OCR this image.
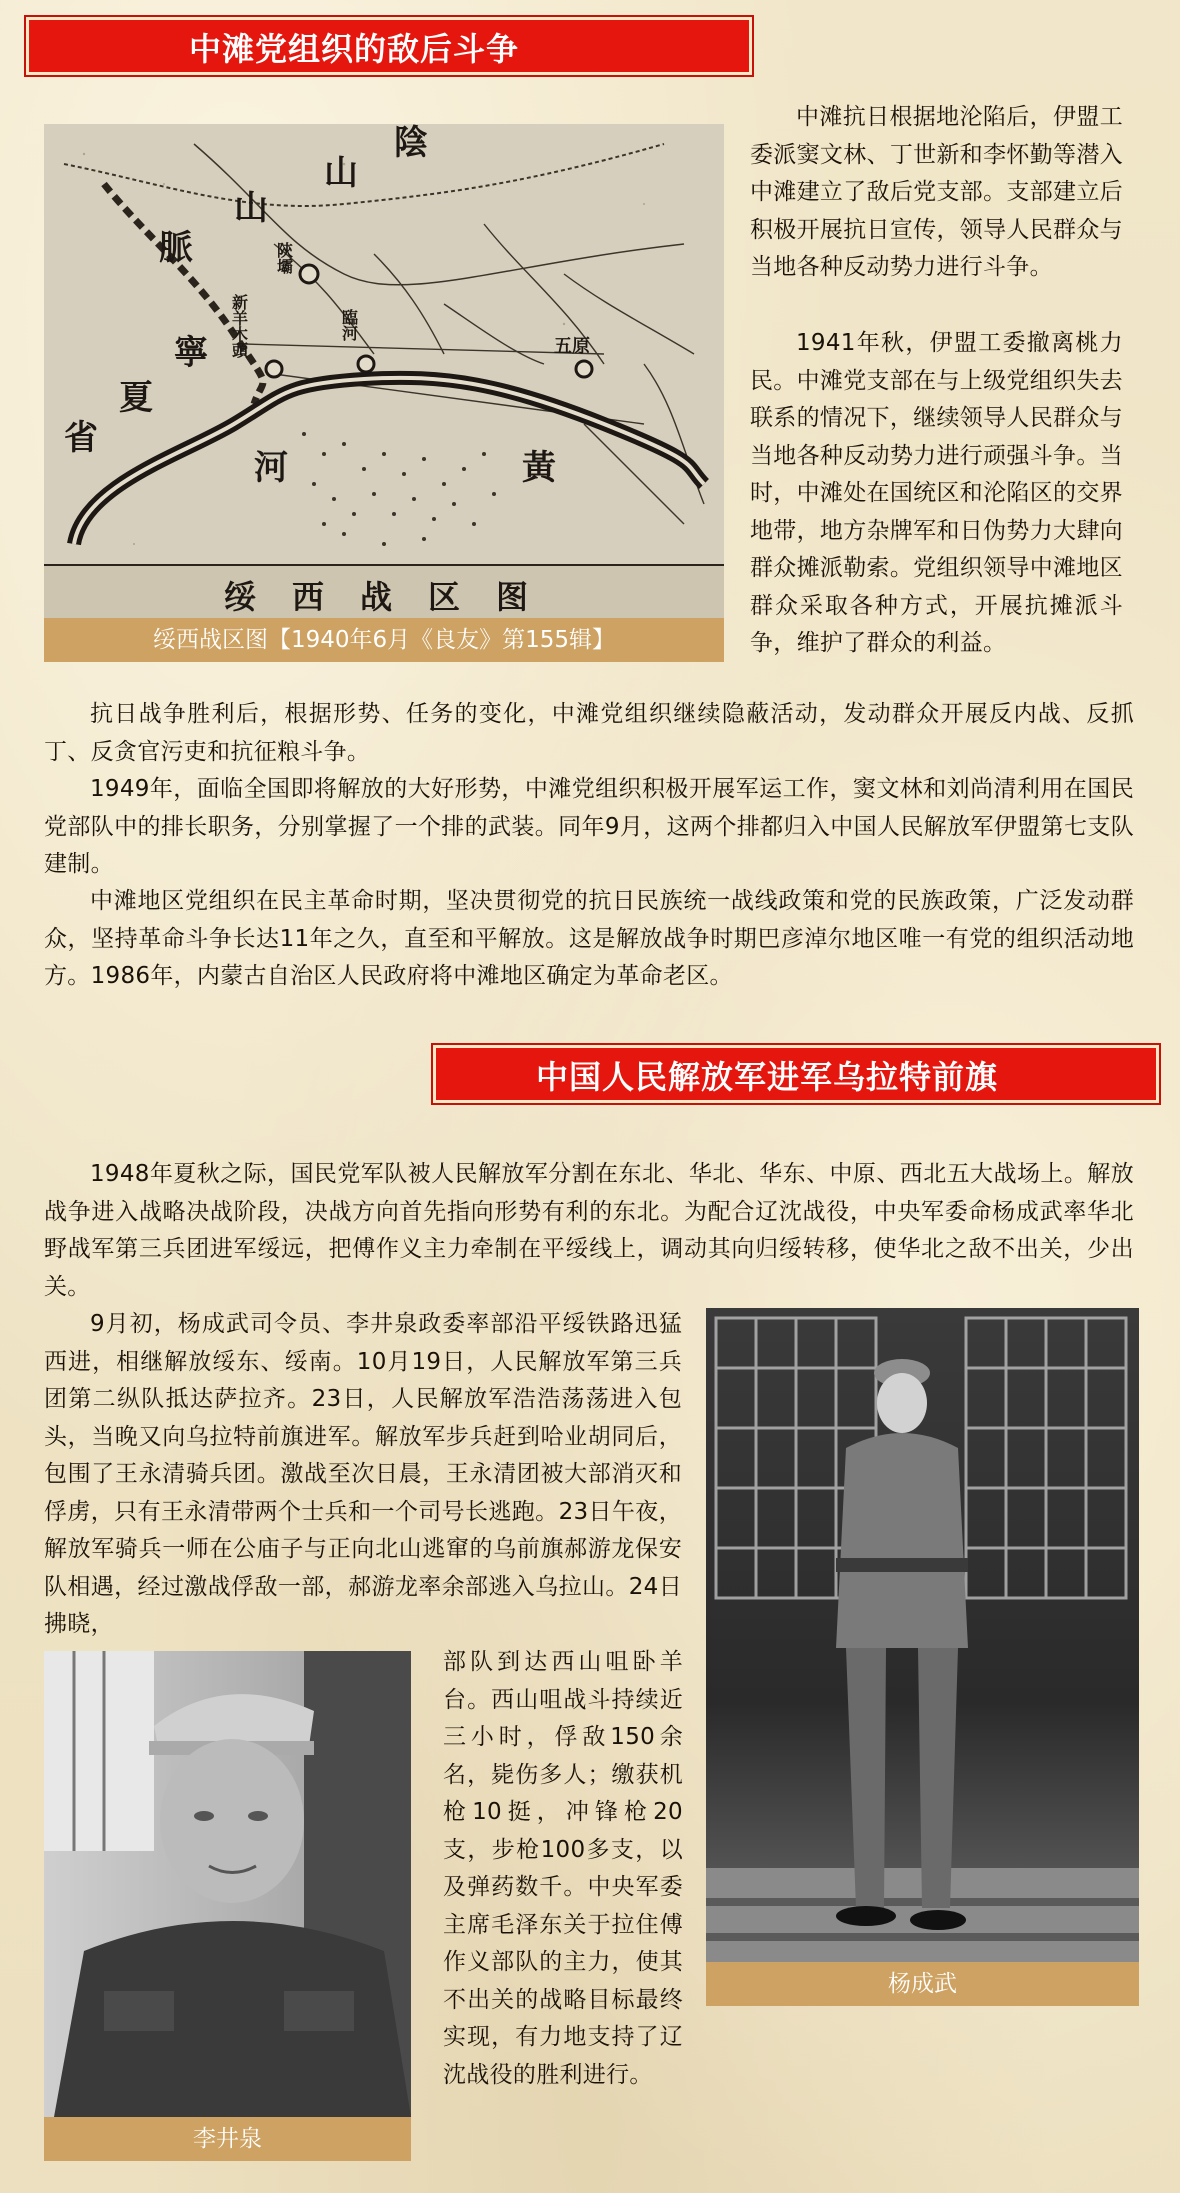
中滩党组织的敌后斗争
山
陰
山
脈
寧
夏
省
河	黃
陝壩
新羊木頭	臨河
五原
绥西战区图
绥西战区图【1940年6月《良友》第155辑】

中滩抗日根据地沦陷后，伊盟工委派窦文林、丁世新和李怀勤等潜入中滩建立了敌后党支部。支部建立后积极开展抗日宣传，领导人民群众与当地各种反动势力进行斗争。

1941年秋，伊盟工委撤离桃力民。中滩党支部在与上级党组织失去联系的情况下，继续领导人民群众与当地各种反动势力进行顽强斗争。当时，中滩处在国统区和沦陷区的交界地带，地方杂牌军和日伪势力大肆向群众摊派勒索。党组织领导中滩地区群众采取各种方式，开展抗摊派斗争，维护了群众的利益。

抗日战争胜利后，根据形势、任务的变化，中滩党组织继续隐蔽活动，发动群众开展反内战、反抓丁、反贪官污吏和抗征粮斗争。

1949年，面临全国即将解放的大好形势，中滩党组织积极开展军运工作，窦文林和刘尚清利用在国民党部队中的排长职务，分别掌握了一个排的武装。同年9月，这两个排都归入中国人民解放军伊盟第七支队建制。

中滩地区党组织在民主革命时期，坚决贯彻党的抗日民族统一战线政策和党的民族政策，广泛发动群众，坚持革命斗争长达11年之久，直至和平解放。这是解放战争时期巴彦淖尔地区唯一有党的组织活动地方。1986年，内蒙古自治区人民政府将中滩地区确定为革命老区。

中国人民解放军进军乌拉特前旗

1948年夏秋之际，国民党军队被人民解放军分割在东北、华北、华东、中原、西北五大战场上。解放战争进入战略决战阶段，决战方向首先指向形势有利的东北。为配合辽沈战役，中央军委命杨成武率华北野战军第三兵团进军绥远，把傅作义主力牵制在平绥线上，调动其向归绥转移，使华北之敌不出关，少出关。

9月初，杨成武司令员、李井泉政委率部沿平绥铁路迅猛西进，相继解放绥东、绥南。10月19日，人民解放军第三兵团第二纵队抵达萨拉齐。23日，人民解放军浩浩荡荡进入包头，当晚又向乌拉特前旗进军。解放军步兵赶到哈业胡同后，包围了王永清骑兵团。激战至次日晨，王永清团被大部消灭和俘虏，只有王永清带两个士兵和一个司号长逃跑。23日午夜，解放军骑兵一师在公庙子与正向北山逃窜的乌前旗郝游龙保安队相遇，经过激战俘敌一部，郝游龙率余部逃入乌拉山。24日拂晓，

部队到达西山咀卧羊台。西山咀战斗持续近三小时，俘敌150余名，毙伤多人；缴获机枪10挺，冲锋枪20支，步枪100多支，以及弹药数千。中央军委主席毛泽东关于拉住傅作义部队的主力，使其不出关的战略目标最终实现，有力地支持了辽沈战役的胜利进行。

杨成武
李井泉
